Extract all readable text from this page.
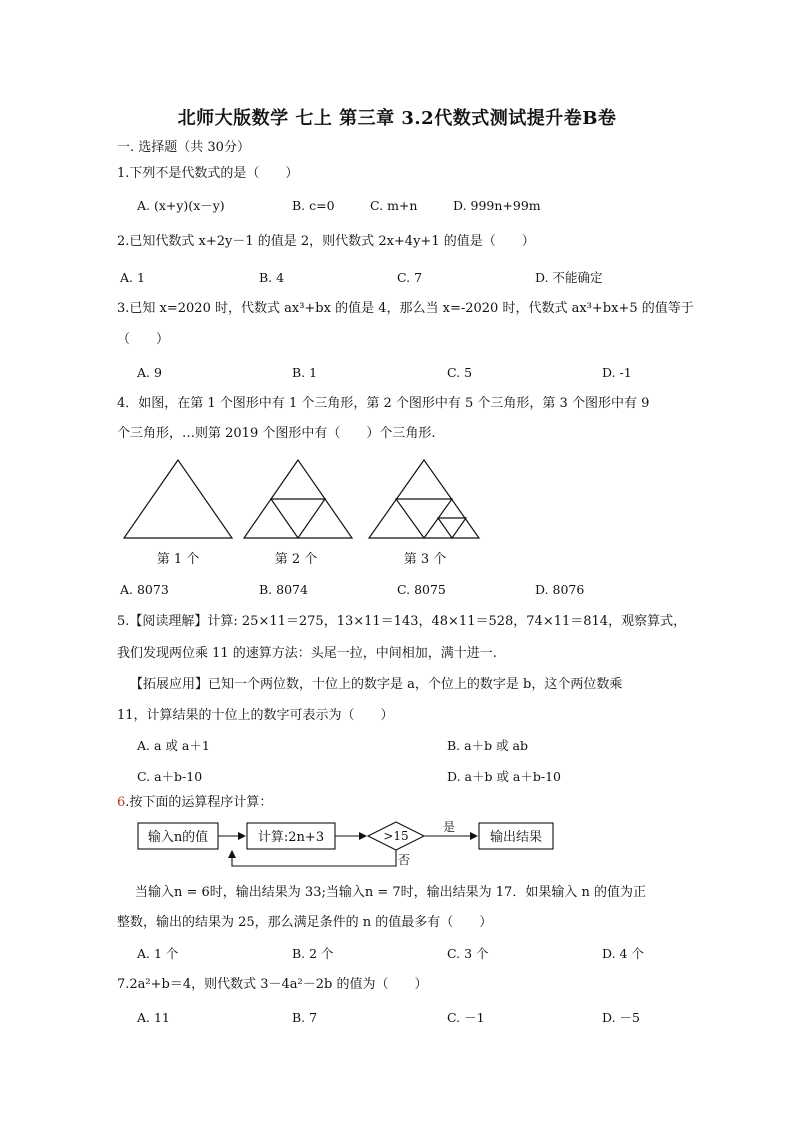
北师大版数学 七上 第三章 3.2代数式测试提升卷B卷
一. 选择题（共 30分）
1.下列不是代数式的是（　　）
A. (x+y)(x－y)	B. c=0	C. m+n	D. 999n+99m
2.已知代数式 x+2y－1 的值是 2，则代数式 2x+4y+1 的值是（　　）
A. 1	B. 4	C. 7	D. 不能确定
3.已知 x=2020 时，代数式 ax³+bx 的值是 4，那么当 x=-2020 时，代数式 ax³+bx+5 的值等于
（　　）
A. 9	B. 1	C. 5	D. -1
4．如图，在第 1 个图形中有 1 个三角形，第 2 个图形中有 5 个三角形，第 3 个图形中有 9
个三角形，…则第 2019 个图形中有（　　）个三角形.
第 1 个	第 2 个	第 3 个
A. 8073	B. 8074	C. 8075	D. 8076
5.【阅读理解】计算: 25×11＝275，13×11＝143，48×11＝528，74×11＝814，观察算式，
我们发现两位乘 11 的速算方法：头尾一拉，中间相加，满十进一.
【拓展应用】已知一个两位数，十位上的数字是 a，个位上的数字是 b，这个两位数乘
11，计算结果的十位上的数字可表示为（　　）
A. a 或 a＋1	B. a＋b 或 ab
C. a＋b-10	D. a＋b 或 a＋b-10
6.按下面的运算程序计算：
输入n的值	计算:2n+3	>15
是
否
输出结果
当输入n = 6时，输出结果为 33;当输入n = 7时，输出结果为 17．如果输入 n 的值为正
整数，输出的结果为 25，那么满足条件的 n 的值最多有（　　）
A. 1 个	B. 2 个	C. 3 个	D. 4 个
7.2a²+b＝4，则代数式 3－4a²－2b 的值为（　　）
A. 11	B. 7	C. －1	D. －5
